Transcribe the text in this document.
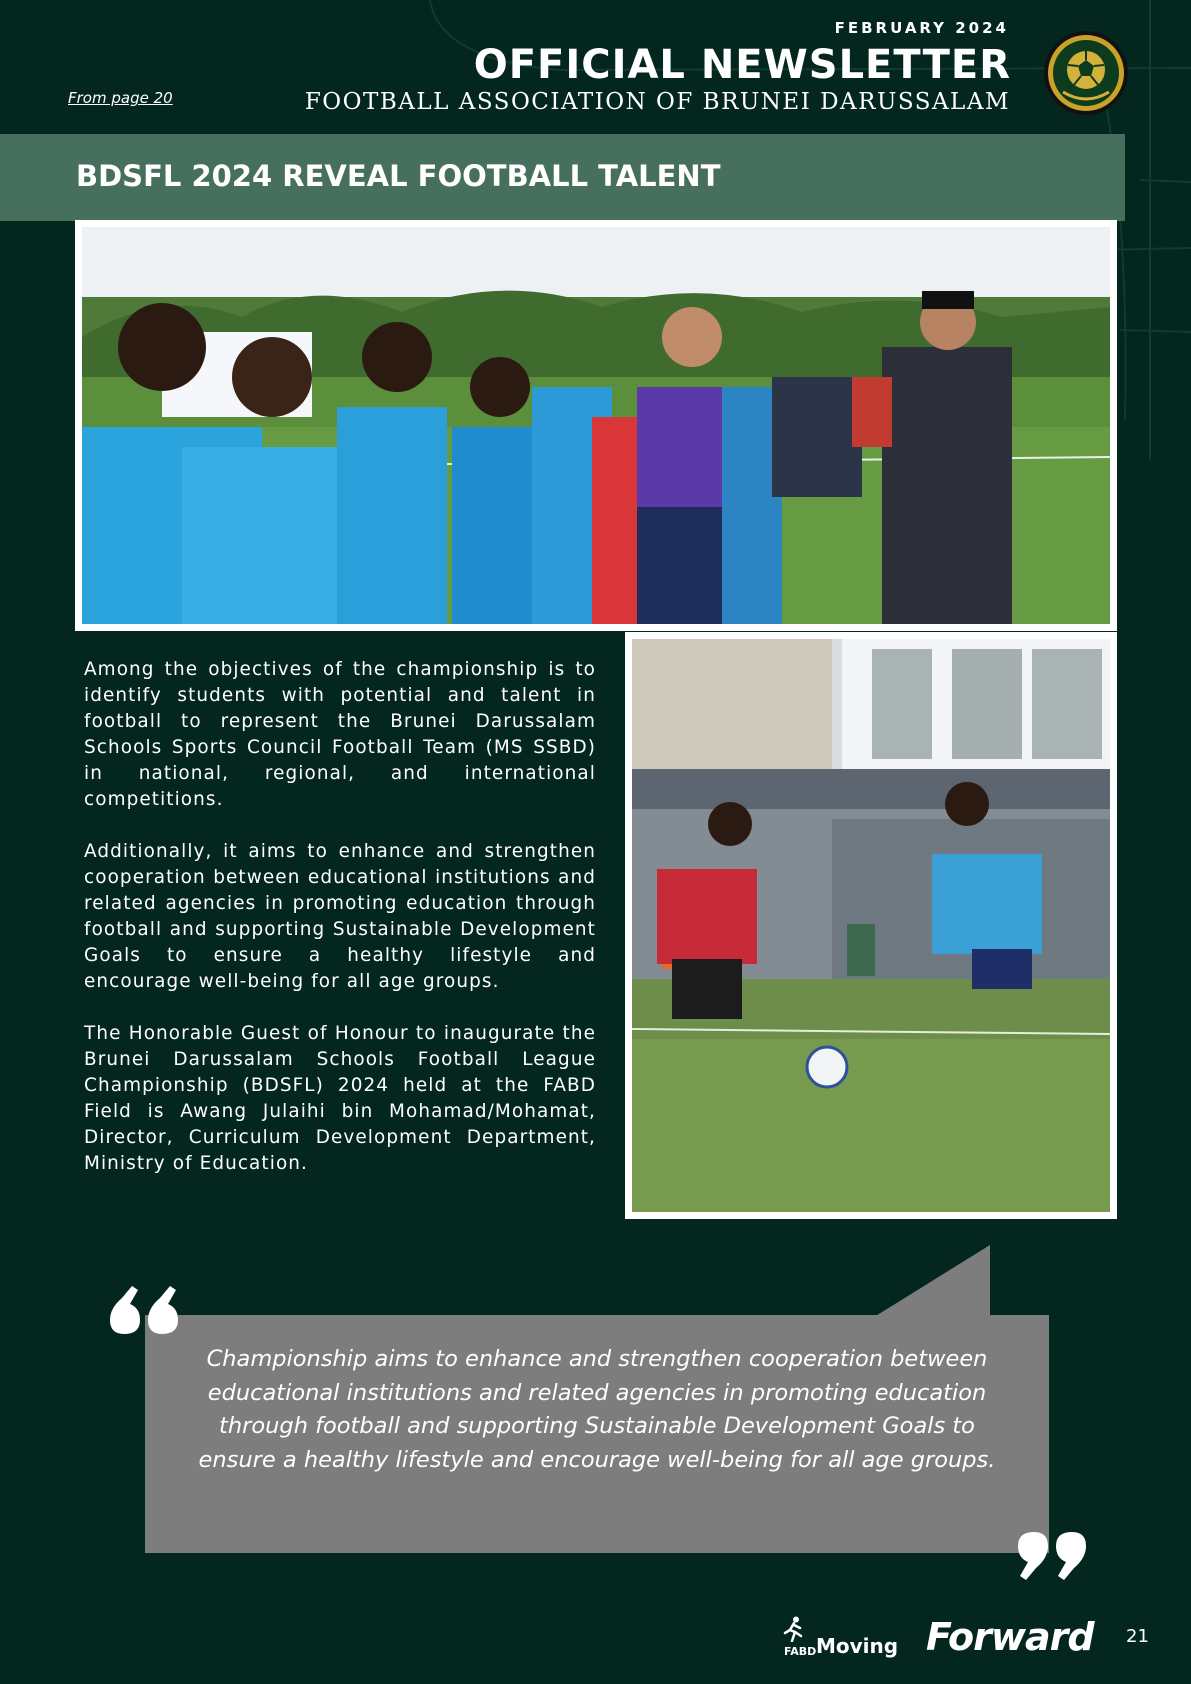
FEBRUARY 2024
OFFICIAL NEWSLETTER
FOOTBALL ASSOCIATION OF BRUNEI DARUSSALAM
From page 20
BDSFL 2024 REVEAL FOOTBALL TALENT

Among the objectives of the championship is to identify students with potential and talent in football to represent the Brunei Darussalam Schools Sports Council Football Team (MS SSBD) in national, regional, and international competitions.

Additionally, it aims to enhance and strengthen cooperation between educational institutions and related agencies in promoting education through football and supporting Sustainable Development Goals to ensure a healthy lifestyle and encourage well-being for all age groups.

The Honorable Guest of Honour to inaugurate the Brunei Darussalam Schools Football League Championship (BDSFL) 2024 held at the FABD Field is Awang Julaihi bin Mohamad/Mohamat, Director, Curriculum Development Department, Ministry of Education.

Championship aims to enhance and strengthen cooperation between educational institutions and related agencies in promoting education through football and supporting Sustainable Development Goals to ensure a healthy lifestyle and encourage well-being for all age groups.
FABD Moving Forward 21
